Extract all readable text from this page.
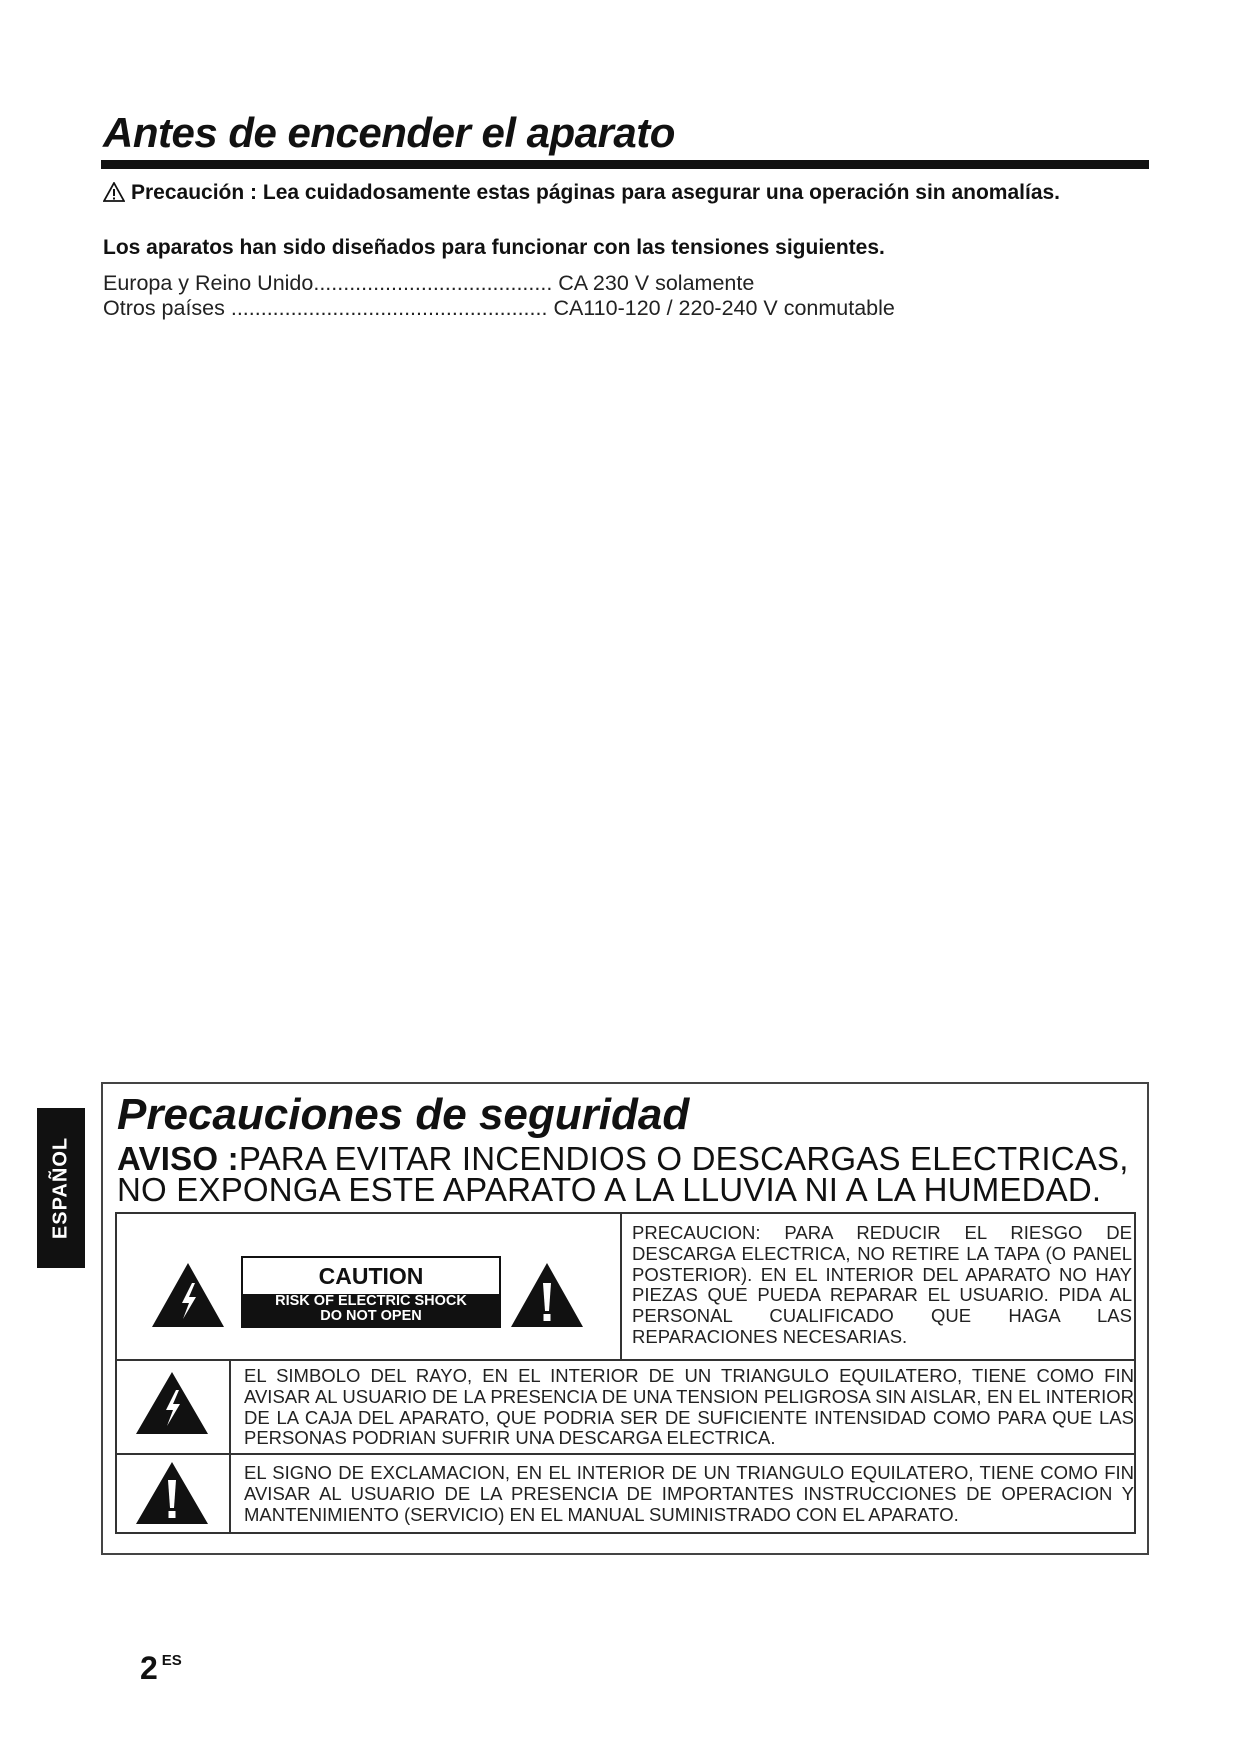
Antes de encender el aparato
Precaución : Lea cuidadosamente estas páginas para asegurar una operación sin anomalías.
Los aparatos han sido diseñados para funcionar con las tensiones siguientes.
Europa y Reino Unido........................................ CA 230 V solamente
Otros países ..................................................... CA110-120 / 220-240 V conmutable
ESPAÑOL
Precauciones de seguridad
AVISO :PARA EVITAR INCENDIOS O DESCARGAS ELECTRICAS,
NO EXPONGA ESTE APARATO A LA LLUVIA NI A LA HUMEDAD.
CAUTION
RISK OF ELECTRIC SHOCK
DO NOT OPEN
PRECAUCION: PARA REDUCIR EL RIESGO DE DESCARGA ELECTRICA, NO RETIRE LA TAPA (O PANEL POSTERIOR). EN EL INTERIOR DEL APARATO NO HAY PIEZAS QUE PUEDA REPARAR EL USUARIO. PIDA AL PERSONAL CUALIFICADO QUE HAGA LAS REPARACIONES NECESARIAS.
EL SIMBOLO DEL RAYO, EN EL INTERIOR DE UN TRIANGULO EQUILATERO, TIENE COMO FIN AVISAR AL USUARIO DE LA PRESENCIA DE UNA TENSION PELIGROSA SIN AISLAR, EN EL INTERIOR DE LA CAJA DEL APARATO, QUE PODRIA SER DE SUFICIENTE INTENSIDAD COMO PARA QUE LAS PERSONAS PODRIAN SUFRIR UNA DESCARGA ELECTRICA.
EL SIGNO DE EXCLAMACION, EN EL INTERIOR DE UN TRIANGULO EQUILATERO, TIENE COMO FIN AVISAR AL USUARIO DE LA PRESENCIA DE IMPORTANTES INSTRUCCIONES DE OPERACION Y MANTENIMIENTO (SERVICIO) EN EL MANUAL SUMINISTRADO CON EL APARATO.
2 $^{ES}$
